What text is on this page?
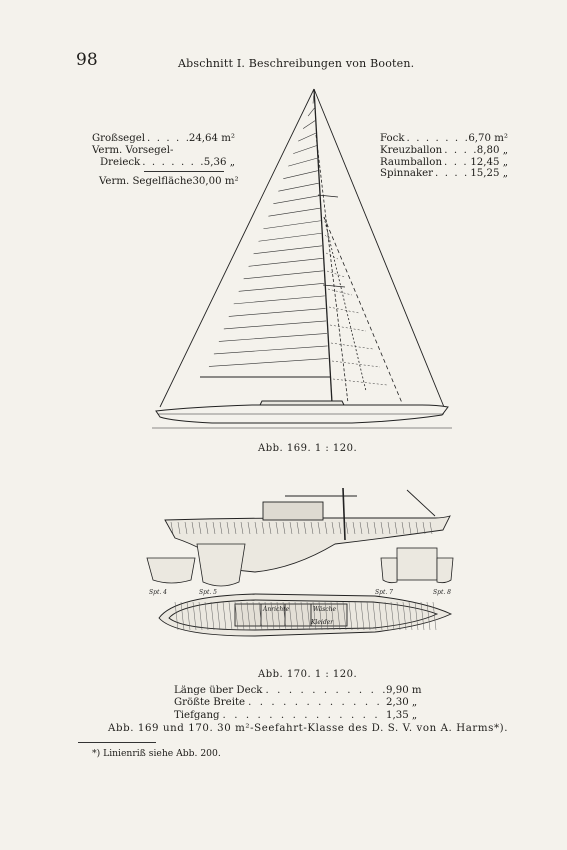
98	Abschnitt I. Beschreibungen von Booten.
Großsegel . . .	24,64 m²
Verm. Vorsegel-
Dreieck . . .	5,36 „
Verm. Segelfläche 30,00 m²
Fock . . .	6,70 m²
Kreuzballon . . .	8,80 „
Raumballon . . .	12,45 „
Spinnaker . . .	15,25 „
Abb. 169. 1 : 120.
Spt. 4	Spt. 5	Spt. 7	Spt. 8
Anrichte	Wäsche
Kleider
Abb. 170. 1 : 120.
Länge über Deck . . .	9,90 m
Größte Breite . . .	2,30 „
Tiefgang . . .	1,35 „
Abb. 169 und 170. 30 m²-Seefahrt-Klasse des D. S. V. von A. Harms*).
*) Linienriß siehe Abb. 200.
